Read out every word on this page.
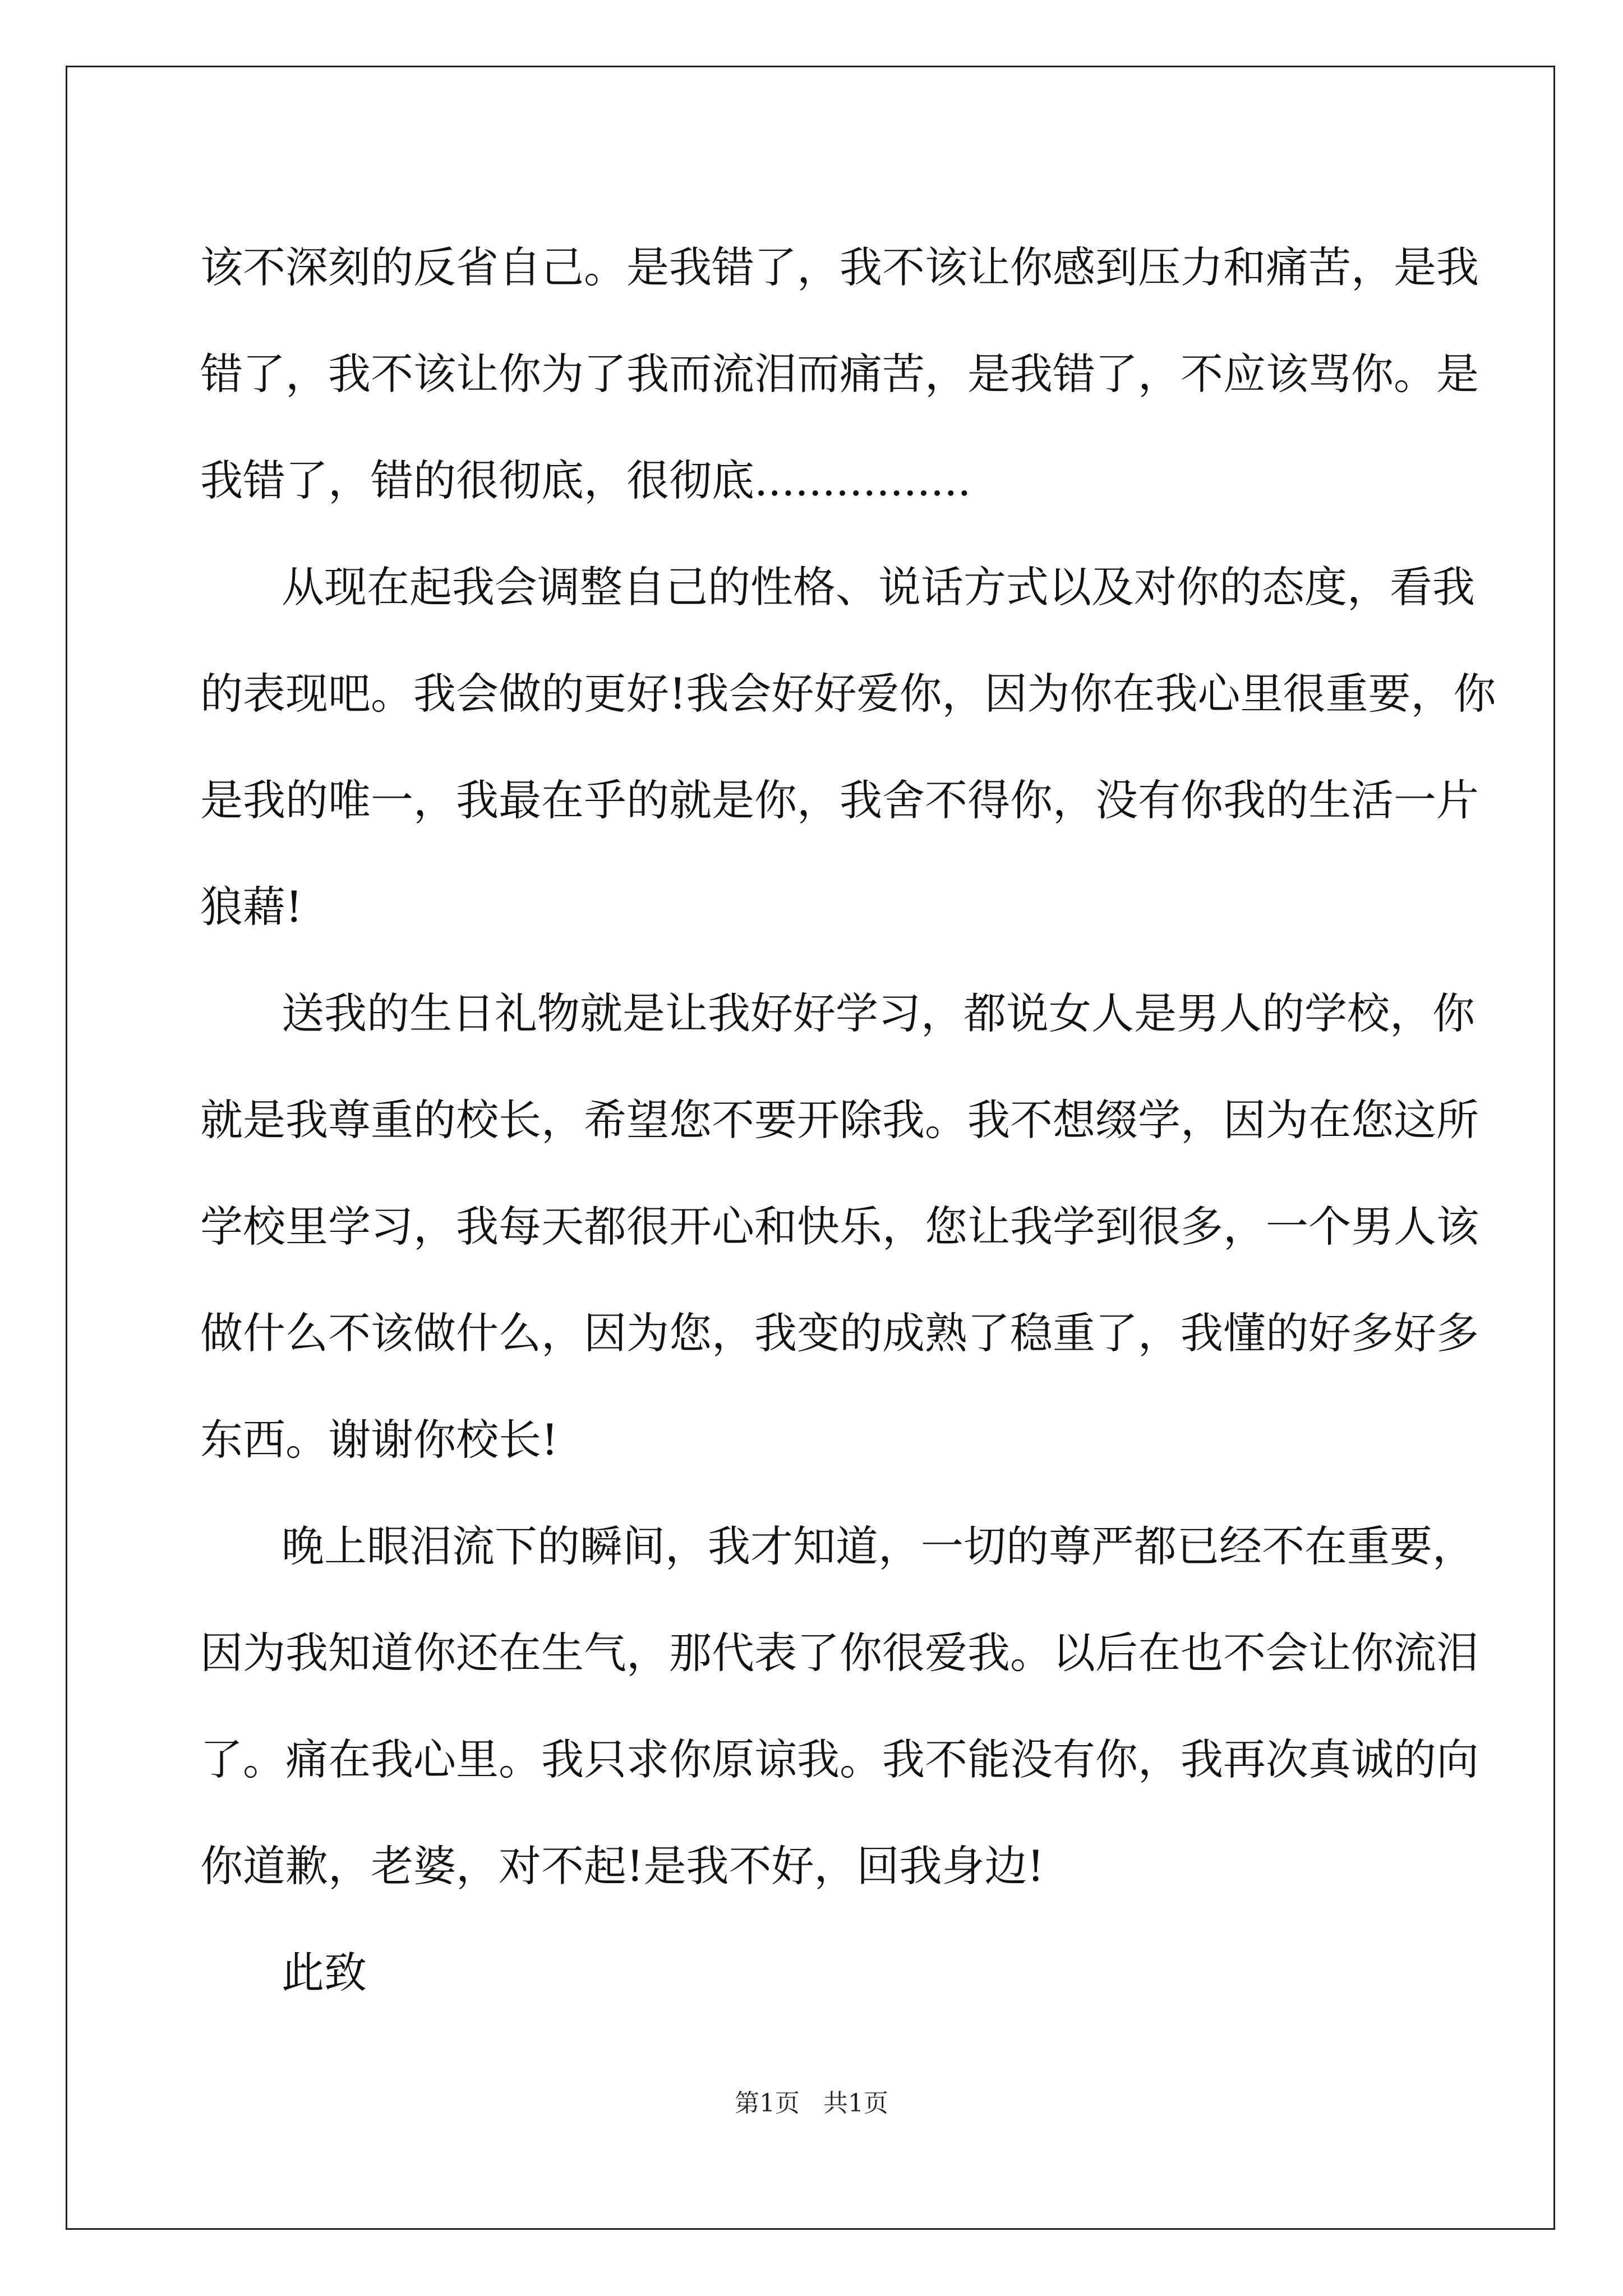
该不深刻的反省自己。是我错了，我不该让你感到压力和痛苦，是我
错了，我不该让你为了我而流泪而痛苦，是我错了，不应该骂你。是
我错了，错的很彻底，很彻底................
从现在起我会调整自己的性格、说话方式以及对你的态度，看我
的表现吧。我会做的更好!我会好好爱你，因为你在我心里很重要，你
是我的唯一，我最在乎的就是你，我舍不得你，没有你我的生活一片
狼藉!
送我的生日礼物就是让我好好学习，都说女人是男人的学校，你
就是我尊重的校长，希望您不要开除我。我不想缀学，因为在您这所
学校里学习，我每天都很开心和快乐，您让我学到很多，一个男人该
做什么不该做什么，因为您，我变的成熟了稳重了，我懂的好多好多
东西。谢谢你校长!
晚上眼泪流下的瞬间，我才知道，一切的尊严都已经不在重要，
因为我知道你还在生气，那代表了你很爱我。以后在也不会让你流泪
了。痛在我心里。我只求你原谅我。我不能没有你，我再次真诚的向
你道歉，老婆，对不起!是我不好，回我身边!
此致
第1页 共1页
